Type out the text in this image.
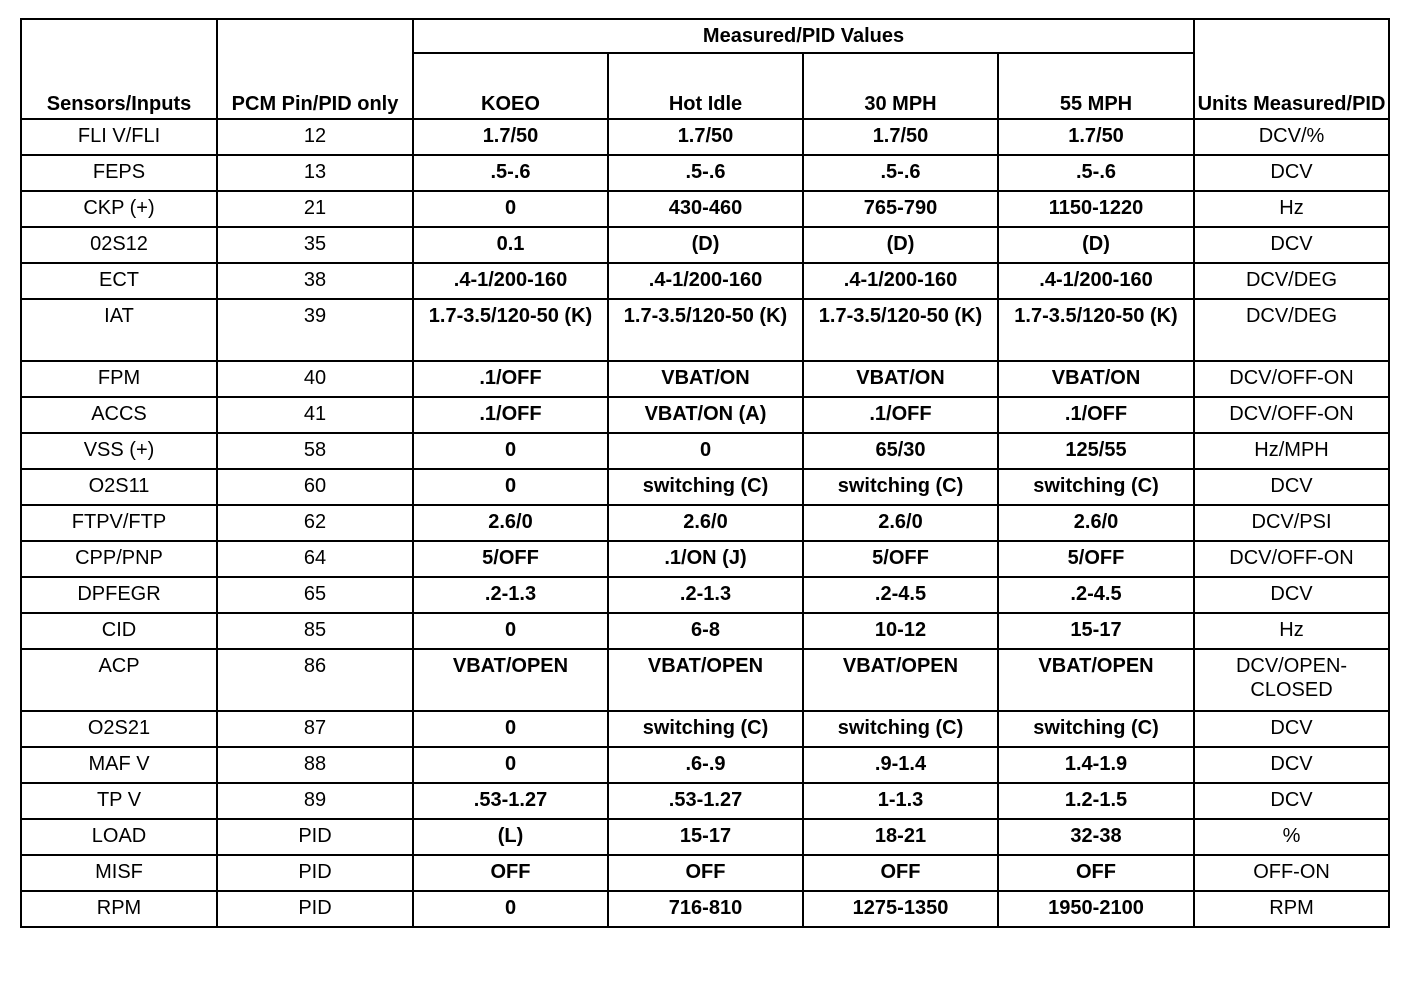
Sensors/Inputs	PCM Pin/PID only	Measured/PID Values				Units Measured/PID
		KOEO	Hot Idle	30 MPH	55 MPH	
FLI V/FLI	12	1.7/50	1.7/50	1.7/50	1.7/50	DCV/%
FEPS	13	.5-.6	.5-.6	.5-.6	.5-.6	DCV
CKP (+)	21	0	430-460	765-790	1150-1220	Hz
02S12	35	0.1	(D)	(D)	(D)	DCV
ECT	38	.4-1/200-160	.4-1/200-160	.4-1/200-160	.4-1/200-160	DCV/DEG
IAT	39	1.7-3.5/120-50 (K)	1.7-3.5/120-50 (K)	1.7-3.5/120-50 (K)	1.7-3.5/120-50 (K)	DCV/DEG
FPM	40	.1/OFF	VBAT/ON	VBAT/ON	VBAT/ON	DCV/OFF-ON
ACCS	41	.1/OFF	VBAT/ON (A)	.1/OFF	.1/OFF	DCV/OFF-ON
VSS (+)	58	0	0	65/30	125/55	Hz/MPH
O2S11	60	0	switching (C)	switching (C)	switching (C)	DCV
FTPV/FTP	62	2.6/0	2.6/0	2.6/0	2.6/0	DCV/PSI
CPP/PNP	64	5/OFF	.1/ON (J)	5/OFF	5/OFF	DCV/OFF-ON
DPFEGR	65	.2-1.3	.2-1.3	.2-4.5	.2-4.5	DCV
CID	85	0	6-8	10-12	15-17	Hz
ACP	86	VBAT/OPEN	VBAT/OPEN	VBAT/OPEN	VBAT/OPEN	DCV/OPEN-CLOSED
O2S21	87	0	switching (C)	switching (C)	switching (C)	DCV
MAF V	88	0	.6-.9	.9-1.4	1.4-1.9	DCV
TP V	89	.53-1.27	.53-1.27	1-1.3	1.2-1.5	DCV
LOAD	PID	(L)	15-17	18-21	32-38	%
MISF	PID	OFF	OFF	OFF	OFF	OFF-ON
RPM	PID	0	716-810	1275-1350	1950-2100	RPM
